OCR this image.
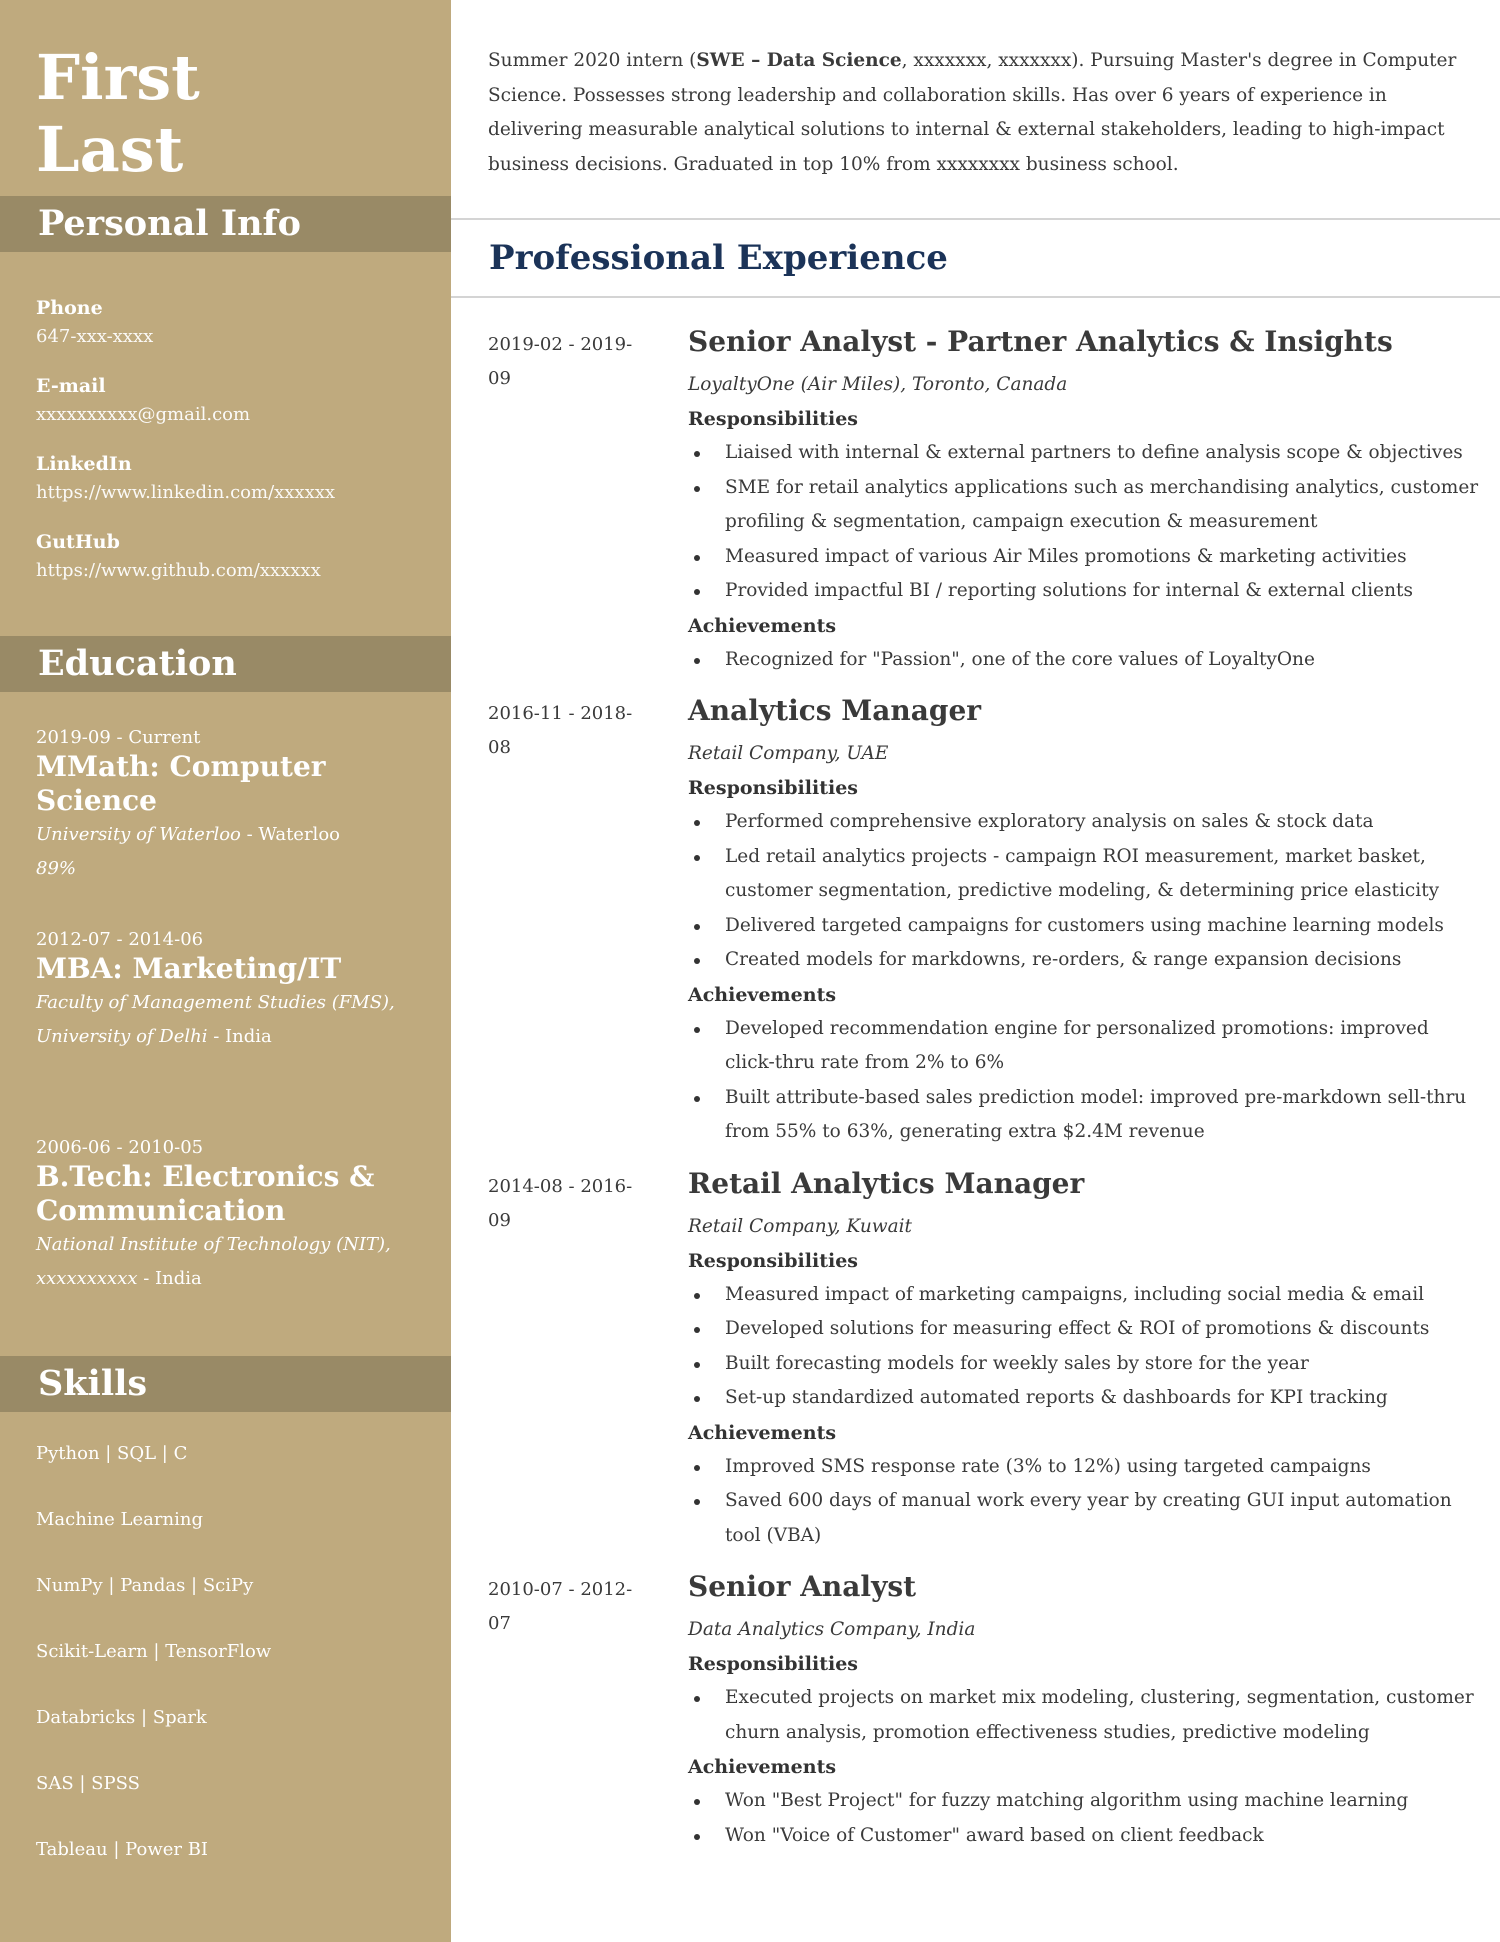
First
Last
Personal Info
Phone
647-xxx-xxxx
E-mail
xxxxxxxxxx@gmail.com
LinkedIn
https://www.linkedin.com/xxxxxx
GutHub
https://www.github.com/xxxxxx
Education
2019-09 - Current
MMath: Computer Science
University of Waterloo - Waterloo
89%
2012-07 - 2014-06
MBA: Marketing/IT
Faculty of Management Studies (FMS),
University of Delhi - India
2006-06 - 2010-05
B.Tech: Electronics &
Communication
National Institute of Technology (NIT),
xxxxxxxxxx - India
Skills
Python | SQL | C
Machine Learning
NumPy | Pandas | SciPy
Scikit-Learn | TensorFlow
Databricks | Spark
SAS | SPSS
Tableau | Power BI
Summer 2020 intern (SWE – Data Science, xxxxxxx, xxxxxxx). Pursuing Master's degree in Computer Science. Possesses strong leadership and collaboration skills. Has over 6 years of experience in delivering measurable analytical solutions to internal & external stakeholders, leading to high-impact business decisions. Graduated in top 10% from xxxxxxxx business school.
Professional Experience
2019-02 - 2019-09
Senior Analyst - Partner Analytics & Insights
LoyaltyOne (Air Miles), Toronto, Canada
Responsibilities
Liaised with internal & external partners to define analysis scope & objectives
SME for retail analytics applications such as merchandising analytics, customer profiling & segmentation, campaign execution & measurement
Measured impact of various Air Miles promotions & marketing activities
Provided impactful BI / reporting solutions for internal & external clients
Achievements
Recognized for "Passion", one of the core values of LoyaltyOne
2016-11 - 2018-08
Analytics Manager
Retail Company, UAE
Responsibilities
Performed comprehensive exploratory analysis on sales & stock data
Led retail analytics projects - campaign ROI measurement, market basket, customer segmentation, predictive modeling, & determining price elasticity
Delivered targeted campaigns for customers using machine learning models
Created models for markdowns, re-orders, & range expansion decisions
Achievements
Developed recommendation engine for personalized promotions: improved click-thru rate from 2% to 6%
Built attribute-based sales prediction model: improved pre-markdown sell-thru from 55% to 63%, generating extra $2.4M revenue
2014-08 - 2016-09
Retail Analytics Manager
Retail Company, Kuwait
Responsibilities
Measured impact of marketing campaigns, including social media & email
Developed solutions for measuring effect & ROI of promotions & discounts
Built forecasting models for weekly sales by store for the year
Set-up standardized automated reports & dashboards for KPI tracking
Achievements
Improved SMS response rate (3% to 12%) using targeted campaigns
Saved 600 days of manual work every year by creating GUI input automation tool (VBA)
2010-07 - 2012-07
Senior Analyst
Data Analytics Company, India
Responsibilities
Executed projects on market mix modeling, clustering, segmentation, customer churn analysis, promotion effectiveness studies, predictive modeling
Achievements
Won "Best Project" for fuzzy matching algorithm using machine learning
Won "Voice of Customer" award based on client feedback
